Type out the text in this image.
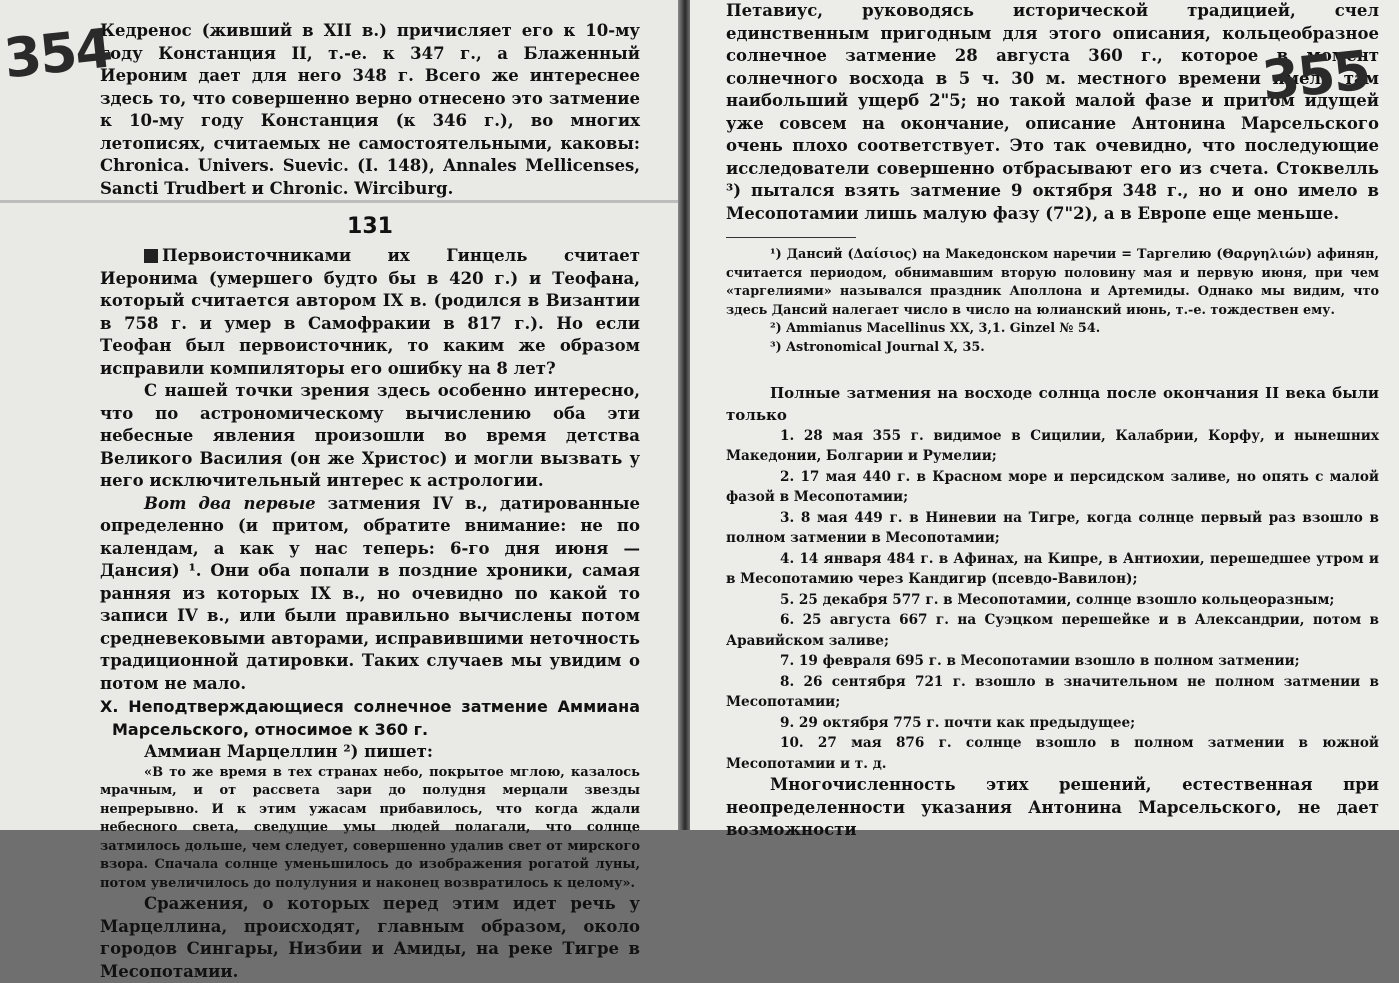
Кедренос (живший в XII в.) причисляет его к 10-му году Констанция II, т.-е. к 347 г., а Блаженный Иероним дает для него 348 г. Всего же интереснее здесь то, что совершенно верно отнесено это затмение к 10-му году Констанция (к 346 г.), во многих летописях, считаемых не самостоятельными, каковы: Chronica. Univers. Suevic. (I. 148), Annales Mellicenses, Sancti Trudbert и Chronic. Wirciburg.

131

Первоисточниками их Гинцель считает Иеронима (умершего будто бы в 420 г.) и Теофана, который считается автором IX в. (родился в Византии в 758 г. и умер в Самофракии в 817 г.). Но если Теофан был первоисточник, то каким же образом исправили компиляторы его ошибку на 8 лет?

С нашей точки зрения здесь особенно интересно, что по астрономическому вычислению оба эти небесные явления произошли во время детства Великого Василия (он же Христос) и могли вызвать у него исключительный интерес к астрологии.

Вот два первые затмения IV в., датированные определенно (и притом, обратите внимание: не по календам, а как у нас теперь: 6-го дня июня — Дансия) ¹. Они оба попали в поздние хроники, самая ранняя из которых IX в., но очевидно по какой то записи IV в., или были правильно вычислены потом средневековыми авторами, исправившими неточность традиционной датировки. Таких случаев мы увидим о потом не мало.

X. Неподтверждающиеся солнечное затмение Аммиана Марсельского, относимое к 360 г.

Аммиан Марцеллин ²) пишет:

«В то же время в тех странах небо, покрытое мглою, казалось мрачным, и от рассвета зари до полудня мерцали звезды непрерывно. И к этим ужасам прибавилось, что когда ждали небесного света, сведущие умы людей полагали, что солнце затмилось дольше, чем следует, совершенно удалив свет от мирского взора. Спачала солнце уменьшилось до изображения рогатой луны, потом увеличилось до полулуния и наконец возвратилось к целому».

Сражения, о которых перед этим идет речь у Марцеллина, происходят, главным образом, около городов Сингары, Низбии и Амиды, на реке Тигре в Месопотамии.

Петавиус, руководясь исторической традицией, счел единственным пригодным для этого описания, кольцеобразное солнечное затмение 28 августа 360 г., которое в момент солнечного восхода в 5 ч. 30 м. местного времени имело там наибольший ущерб 2"5; но такой малой фазе и притом идущей уже совсем на окончание, описание Антонина Марсельского очень плохо соответствует. Это так очевидно, что последующие исследователи совершенно отбрасывают его из счета. Стоквелль ³) пытался взять затмение 9 октября 348 г., но и оно имело в Месопотамии лишь малую фазу (7"2), а в Европе еще меньше.

¹) Дансий (Δαίσιος) на Македонском наречии = Таргелию (Θαργηλιών) афинян, считается периодом, обнимавшим вторую половину мая и первую июня, при чем «таргелиями» назывался праздник Аполлона и Артемиды. Однако мы видим, что здесь Дансий налегает число в число на юлианский июнь, т.-е. тождествен ему.

²) Ammianus Macellinus XX, 3,1. Ginzel № 54.

³) Astronomical Journal X, 35.

Полные затмения на восходе солнца после окончания II века были только

1. 28 мая 355 г. видимое в Сицилии, Калабрии, Корфу, и нынешних Македонии, Болгарии и Румелии;

2. 17 мая 440 г. в Красном море и персидском заливе, но опять с малой фазой в Месопотамии;

3. 8 мая 449 г. в Ниневии на Тигре, когда солнце первый раз взошло в полном затмении в Месопотамии;

4. 14 января 484 г. в Афинах, на Кипре, в Антиохии, перешедшее утром и в Месопотамию через Кандигир (псевдо-Вавилон);

5. 25 декабря 577 г. в Месопотамии, солнце взошло кольцеоразным;

6. 25 августа 667 г. на Суэцком перешейке и в Александрии, потом в Аравийском заливе;

7. 19 февраля 695 г. в Месопотамии взошло в полном затмении;

8. 26 сентября 721 г. взошло в значительном не полном затмении в Месопотамии;

9. 29 октября 775 г. почти как предыдущее;

10. 27 мая 876 г. солнце взошло в полном затмении в южной Месопотамии и т. д.

Многочисленность этих решений, естественная при неопределенности указания Антонина Марсельского, не дает возможности

354	355
